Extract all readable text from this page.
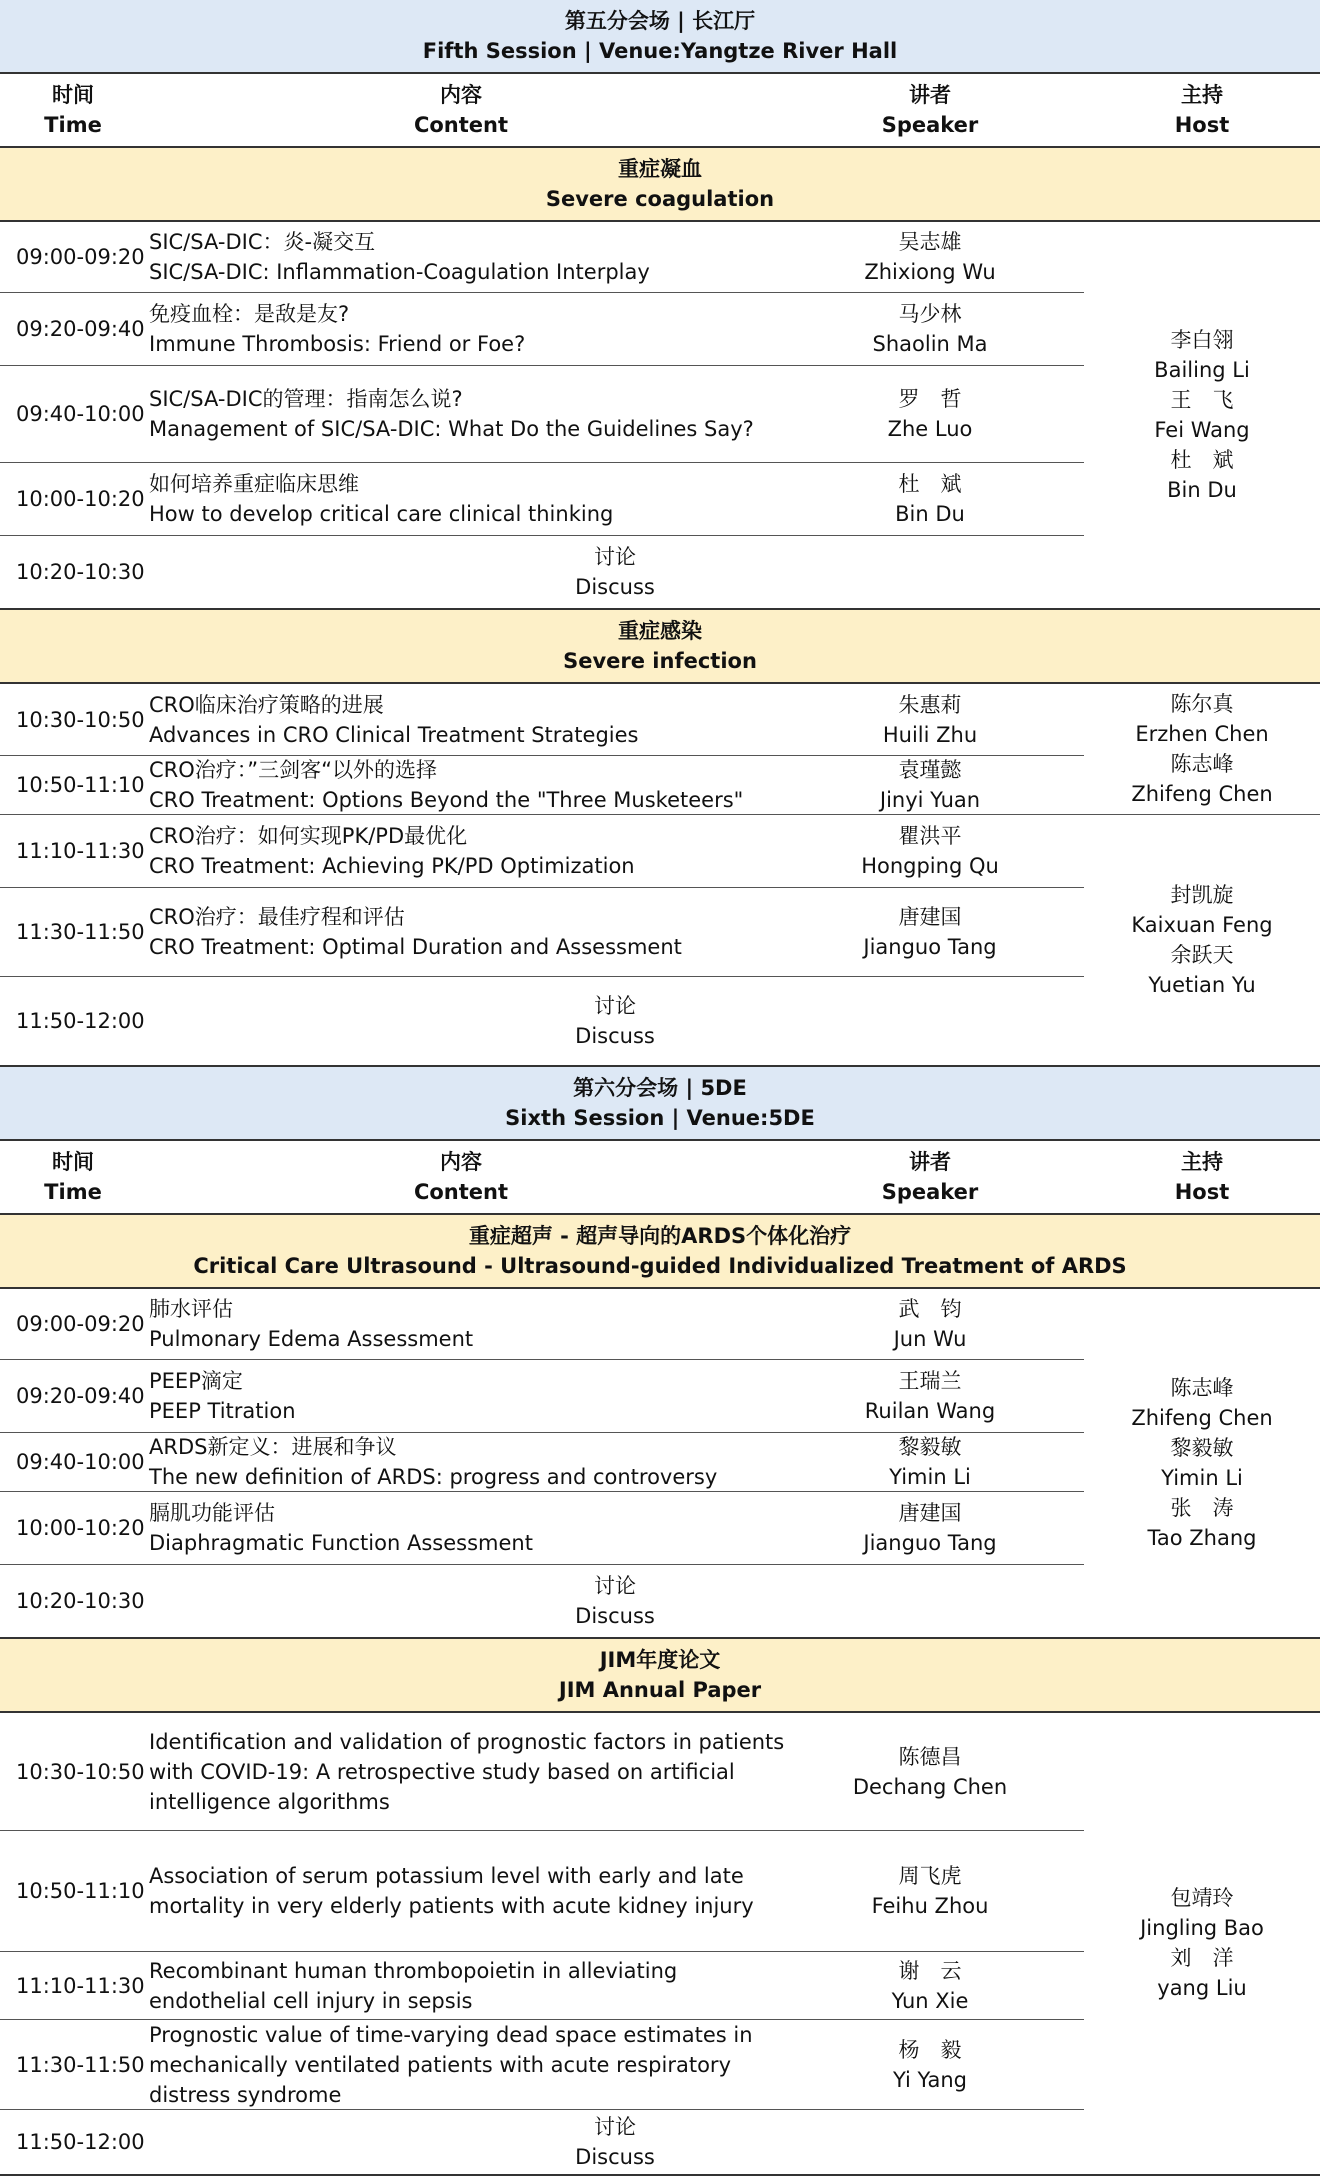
第五分会场 | 长江厅
Fifth Session | Venue:Yangtze River Hall
时间
Time
内容
Content
讲者
Speaker
主持
Host
重症凝血
Severe coagulation
09:00-09:20
SIC/SA-DIC：炎-凝交互
SIC/SA-DIC: Inflammation-Coagulation Interplay
吴志雄
Zhixiong Wu
09:20-09:40
免疫血栓：是敌是友?
Immune Thrombosis: Friend or Foe?
马少林
Shaolin Ma
09:40-10:00
SIC/SA-DIC的管理：指南怎么说?
Management of SIC/SA-DIC: What Do the Guidelines Say?
罗　哲
Zhe Luo
10:00-10:20
如何培养重症临床思维
How to develop critical care clinical thinking
杜　斌
Bin Du
10:20-10:30
讨论
Discuss
李白翎
Bailing Li
王　飞
Fei Wang
杜　斌
Bin Du
重症感染
Severe infection
10:30-10:50
CRO临床治疗策略的进展
Advances in CRO Clinical Treatment Strategies
朱惠莉
Huili Zhu
10:50-11:10
CRO治疗：”三剑客“以外的选择
CRO Treatment: Options Beyond the "Three Musketeers"
袁瑾懿
Jinyi Yuan
11:10-11:30
CRO治疗：如何实现PK/PD最优化
CRO Treatment: Achieving PK/PD Optimization
瞿洪平
Hongping Qu
11:30-11:50
CRO治疗：最佳疗程和评估
CRO Treatment: Optimal Duration and Assessment
唐建国
Jianguo Tang
11:50-12:00
讨论
Discuss
陈尔真
Erzhen Chen
陈志峰
Zhifeng Chen
封凯旋
Kaixuan Feng
余跃天
Yuetian Yu
第六分会场 | 5DE
Sixth Session | Venue:5DE
时间
Time
内容
Content
讲者
Speaker
主持
Host
重症超声 - 超声导向的ARDS个体化治疗
Critical Care Ultrasound - Ultrasound-guided Individualized Treatment of ARDS
09:00-09:20
肺水评估
Pulmonary Edema Assessment
武　钧
Jun Wu
09:20-09:40
PEEP滴定
PEEP Titration
王瑞兰
Ruilan Wang
09:40-10:00
ARDS新定义：进展和争议
The new definition of ARDS: progress and controversy
黎毅敏
Yimin Li
10:00-10:20
膈肌功能评估
Diaphragmatic Function Assessment
唐建国
Jianguo Tang
10:20-10:30
讨论
Discuss
陈志峰
Zhifeng Chen
黎毅敏
Yimin Li
张　涛
Tao Zhang
JIM年度论文
JIM Annual Paper
10:30-10:50
Identification and validation of prognostic factors in patients
with COVID-19: A retrospective study based on artificial
intelligence algorithms
陈德昌
Dechang Chen
10:50-11:10
Association of serum potassium level with early and late
mortality in very elderly patients with acute kidney injury
周飞虎
Feihu Zhou
11:10-11:30
Recombinant human thrombopoietin in alleviating
endothelial cell injury in sepsis
谢　云
Yun Xie
11:30-11:50
Prognostic value of time-varying dead space estimates in
mechanically ventilated patients with acute respiratory
distress syndrome
杨　毅
Yi Yang
11:50-12:00
讨论
Discuss
包靖玲
Jingling Bao
刘　洋
yang Liu
